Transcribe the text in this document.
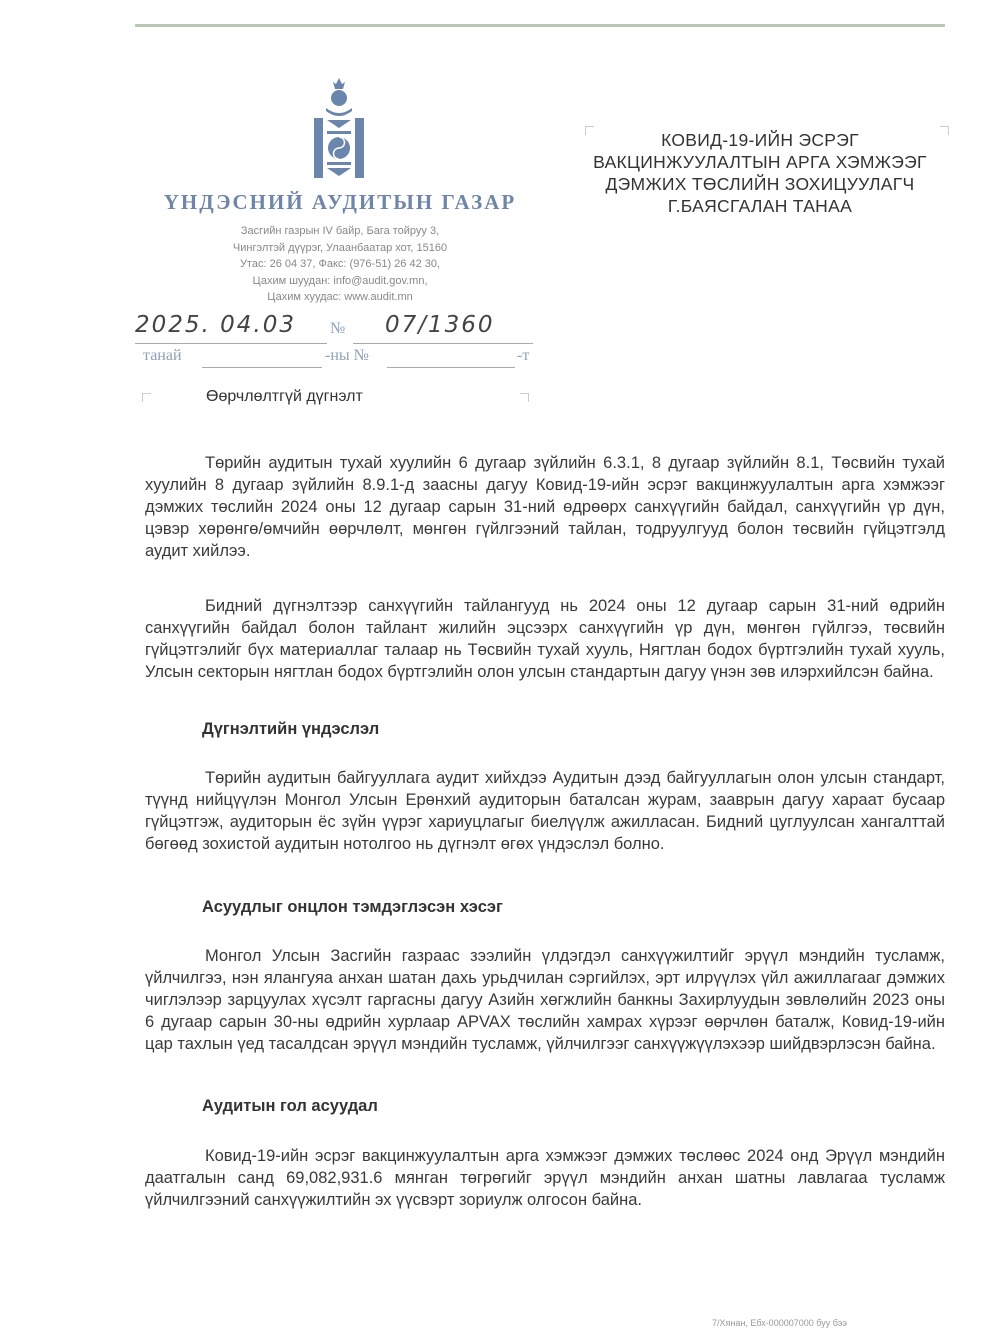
ҮНДЭСНИЙ АУДИТЫН ГАЗАР
Засгийн газрын IV байр, Бага тойруу 3,
Чингэлтэй дүүрэг, Улаанбаатар хот, 15160
Утас: 26 04 37, Факс: (976-51) 26 42 30,
Цахим шуудан: info@audit.gov.mn,
Цахим хуудас: www.audit.mn
КОВИД-19-ИЙН ЭСРЭГ
ВАКЦИНЖУУЛАЛТЫН АРГА ХЭМЖЭЭГ
ДЭМЖИХ ТӨСЛИЙН ЗОХИЦУУЛАГЧ
Г.БАЯСГАЛАН ТАНАА
2025. 04.03 № 07/1360
танай	-ны №	-т
Өөрчлөлтгүй дүгнэлт

Төрийн аудитын тухай хуулийн 6 дугаар зүйлийн 6.3.1, 8 дугаар зүйлийн 8.1, Төсвийн тухай хуулийн 8 дугаар зүйлийн 8.9.1-д заасны дагуу Ковид-19-ийн эсрэг вакцинжуулалтын арга хэмжээг дэмжих төслийн 2024 оны 12 дугаар сарын 31-ний өдрөөрх санхүүгийн байдал, санхүүгийн үр дүн, цэвэр хөрөнгө/өмчийн өөрчлөлт, мөнгөн гүйлгээний тайлан, тодруулгууд болон төсвийн гүйцэтгэлд аудит хийлээ.

Бидний дүгнэлтээр санхүүгийн тайлангууд нь 2024 оны 12 дугаар сарын 31-ний өдрийн санхүүгийн байдал болон тайлант жилийн эцсээрх санхүүгийн үр дүн, мөнгөн гүйлгээ, төсвийн гүйцэтгэлийг бүх материаллаг талаар нь Төсвийн тухай хууль, Нягтлан бодох бүртгэлийн тухай хууль, Улсын секторын нягтлан бодох бүртгэлийн олон улсын стандартын дагуу үнэн зөв илэрхийлсэн байна.

Дүгнэлтийн үндэслэл

Төрийн аудитын байгууллага аудит хийхдээ Аудитын дээд байгууллагын олон улсын стандарт, түүнд нийцүүлэн Монгол Улсын Ерөнхий аудиторын баталсан журам, зааврын дагуу хараат бусаар гүйцэтгэж, аудиторын ёс зүйн үүрэг хариуцлагыг биелүүлж ажилласан. Бидний цуглуулсан хангалттай бөгөөд зохистой аудитын нотолгоо нь дүгнэлт өгөх үндэслэл болно.

Асуудлыг онцлон тэмдэглэсэн хэсэг

Монгол Улсын Засгийн газраас зээлийн үлдэгдэл санхүүжилтийг эрүүл мэндийн тусламж, үйлчилгээ, нэн ялангуяа анхан шатан дахь урьдчилан сэргийлэх, эрт илрүүлэх үйл ажиллагааг дэмжих чиглэлээр зарцуулах хүсэлт гаргасны дагуу Азийн хөгжлийн банкны Захирлуудын зөвлөлийн 2023 оны 6 дугаар сарын 30-ны өдрийн хурлаар APVAX төслийн хамрах хүрээг өөрчлөн баталж, Ковид-19-ийн цар тахлын үед тасалдсан эрүүл мэндийн тусламж, үйлчилгээг санхүүжүүлэхээр шийдвэрлэсэн байна.

Аудитын гол асуудал

Ковид-19-ийн эсрэг вакцинжуулалтын арга хэмжээг дэмжих төслөөс 2024 онд Эрүүл мэндийн даатгалын санд 69,082,931.6 мянган төгрөгийг эрүүл мэндийн анхан шатны лавлагаа тусламж үйлчилгээний санхүүжилтийн эх үүсвэрт зориулж олгосон байна.

7/Хянан, Ебх-000007000 буу бээ
